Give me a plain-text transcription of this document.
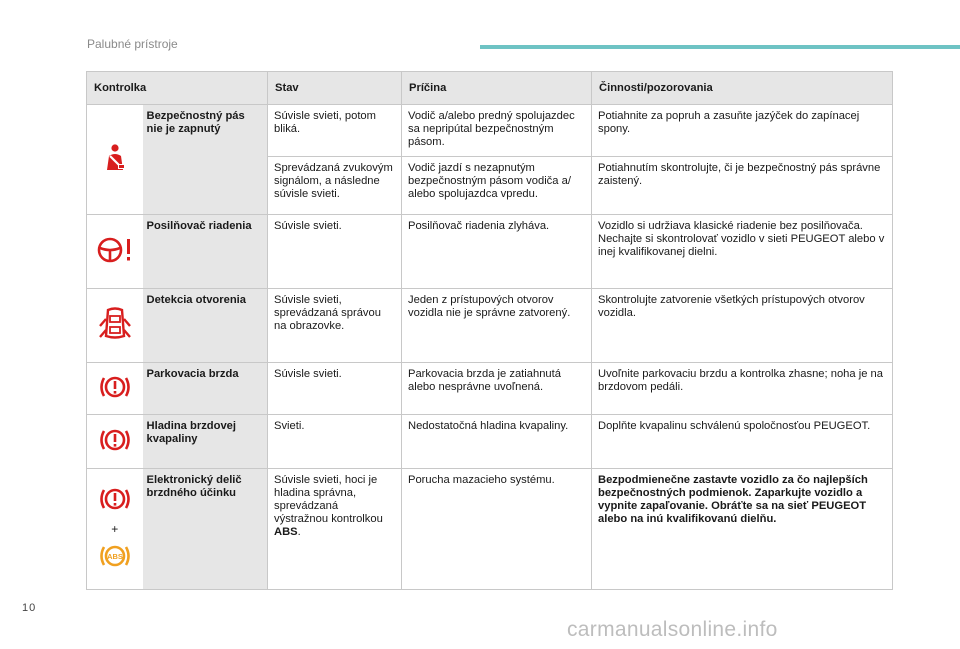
Palubné prístroje
Kontrolka		Stav	Príčina	Činnosti/pozorovania
	Bezpečnostný pás nie je zapnutý	Súvisle svieti, potom bliká.	Vodič a/alebo predný spolujazdec sa nepripútal bezpečnostným pásom.	Potiahnite za popruh a zasuňte jazýček do zapínacej spony.
		Sprevádzaná zvukovým signálom, a následne súvisle svieti.	Vodič jazdí s nezapnutým bezpečnostným pásom vodiča a/ alebo spolujazdca vpredu.	Potiahnutím skontrolujte, či je bezpečnostný pás správne zaistený.
	Posilňovač riadenia	Súvisle svieti.	Posilňovač riadenia zlyháva.	Vozidlo si udržiava klasické riadenie bez posilňovača. Nechajte si skontrolovať vozidlo v sieti PEUGEOT alebo v inej kvalifikovanej dielni.
	Detekcia otvorenia	Súvisle svieti, sprevádzaná správou na obrazovke.	Jeden z prístupových otvorov vozidla nie je správne zatvorený.	Skontrolujte zatvorenie všetkých prístupových otvorov vozidla.
	Parkovacia brzda	Súvisle svieti.	Parkovacia brzda je zatiahnutá alebo nesprávne uvoľnená.	Uvoľnite parkovaciu brzdu a kontrolka zhasne; noha je na brzdovom pedáli.
	Hladina brzdovej kvapaliny	Svieti.	Nedostatočná hladina kvapaliny.	Doplňte kvapalinu schválenú spoločnosťou PEUGEOT.

+
ABS	Elektronický delič brzdného účinku	Súvisle svieti, hoci je hladina správna, sprevádzaná výstražnou kontrolkou ABS.	Porucha mazacieho systému.	Bezpodmienečne zastavte vozidlo za čo najlepších bezpečnostných podmienok. Zaparkujte vozidlo a vypnite zapaľovanie. Obráťte sa na sieť PEUGEOT alebo na inú kvalifikovanú dielňu.
10
carmanualsonline.info
